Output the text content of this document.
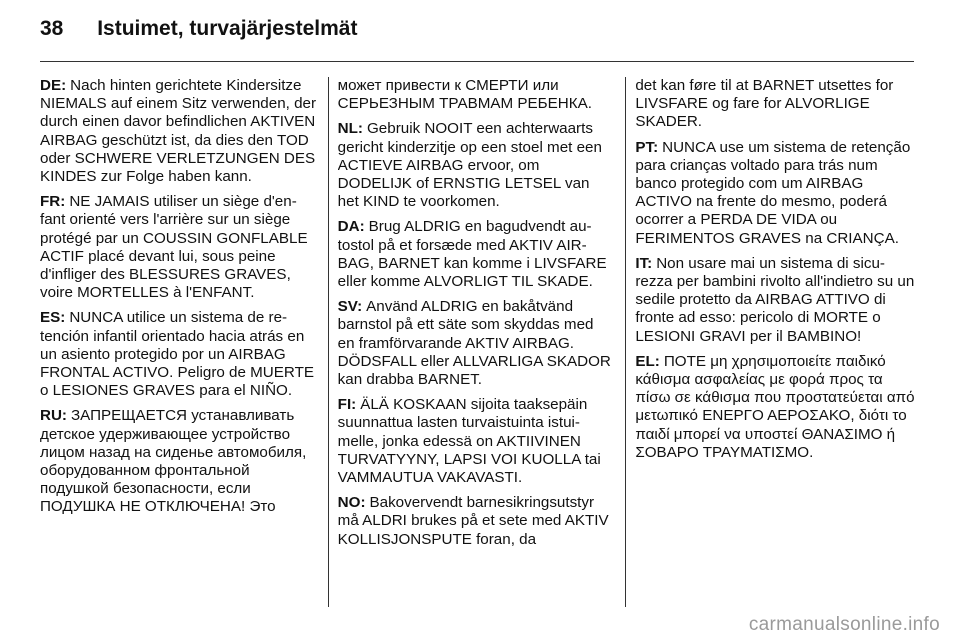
38 Istuimet, turvajärjestelmät

DE: Nach hinten gerichtete Kindersitze NIEMALS auf einem Sitz verwenden, der durch einen davor befindlichen AKTIVEN AIRBAG geschützt ist, da dies den TOD oder SCHWERE VERLETZUNGEN DES KINDES zur Folge haben kann.

FR: NE JAMAIS utiliser un siège d'enfant orienté vers l'arrière sur un siège protégé par un COUSSIN GONFLABLE ACTIF placé devant lui, sous peine d'infliger des BLESSURES GRAVES, voire MORTELLES à l'ENFANT.

ES: NUNCA utilice un sistema de retención infantil orientado hacia atrás en un asiento protegido por un AIRBAG FRONTAL ACTIVO. Peligro de MUERTE o LESIONES GRAVES para el NIÑO.

RU: ЗАПРЕЩАЕТСЯ устанавливать детское удерживающее устройство лицом назад на сиденье автомобиля, оборудованном фронтальной подушкой безопасности, если ПОДУШКА НЕ ОТКЛЮЧЕНА! Это

может привести к СМЕРТИ или СЕРЬЕЗНЫМ ТРАВМАМ РЕБЕНКА.

NL: Gebruik NOOIT een achterwaarts gericht kinderzitje op een stoel met een ACTIEVE AIRBAG ervoor, om DODELIJK of ERNSTIG LETSEL van het KIND te voorkomen.

DA: Brug ALDRIG en bagudvendt autostol på et forsæde med AKTIV AIRBAG, BARNET kan komme i LIVSFARE eller komme ALVORLIGT TIL SKADE.

SV: Använd ALDRIG en bakåtvänd barnstol på ett säte som skyddas med en framförvarande AKTIV AIRBAG. DÖDSFALL eller ALLVARLIGA SKADOR kan drabba BARNET.

FI: ÄLÄ KOSKAAN sijoita taaksepäin suunnattua lasten turvaistuinta istuimelle, jonka edessä on AKTIIVINEN TURVATYYNY, LAPSI VOI KUOLLA tai VAMMAUTUA VAKAVASTI.

NO: Bakovervendt barnesikringsutstyr må ALDRI brukes på et sete med AKTIV KOLLISJONSPUTE foran, da

det kan føre til at BARNET utsettes for LIVSFARE og fare for ALVORLIGE SKADER.

PT: NUNCA use um sistema de retenção para crianças voltado para trás num banco protegido com um AIRBAG ACTIVO na frente do mesmo, poderá ocorrer a PERDA DE VIDA ou FERIMENTOS GRAVES na CRIANÇA.

IT: Non usare mai un sistema di sicurezza per bambini rivolto all'indietro su un sedile protetto da AIRBAG ATTIVO di fronte ad esso: pericolo di MORTE o LESIONI GRAVI per il BAMBINO!

EL: ΠΟΤΕ μη χρησιμοποιείτε παιδικό κάθισμα ασφαλείας με φορά προς τα πίσω σε κάθισμα που προστατεύεται από μετωπικό ΕΝΕΡΓΟ ΑΕΡΟΣΑΚΟ, διότι το παιδί μπορεί να υποστεί ΘΑΝΑΣΙΜΟ ή ΣΟΒΑΡΟ ΤΡΑΥΜΑΤΙΣΜΟ.

carmanualsonline.info
